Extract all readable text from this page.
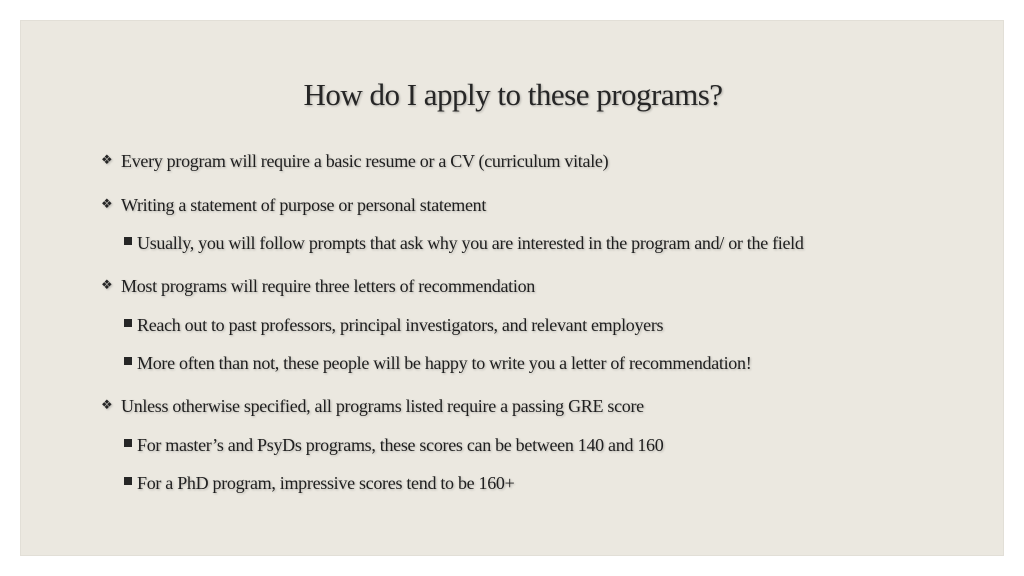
How do I apply to these programs?
❖ Every program will require a basic resume or a CV (curriculum vitale)
❖ Writing a statement of purpose or personal statement
Usually, you will follow prompts that ask why you are interested in the program and/ or the field
❖ Most programs will require three letters of recommendation
Reach out to past professors, principal investigators, and relevant employers
More often than not, these people will be happy to write you a letter of recommendation!
❖ Unless otherwise specified, all programs listed require a passing GRE score
For master’s and PsyDs programs, these scores can be between 140 and 160
For a PhD program, impressive scores tend to be 160+
